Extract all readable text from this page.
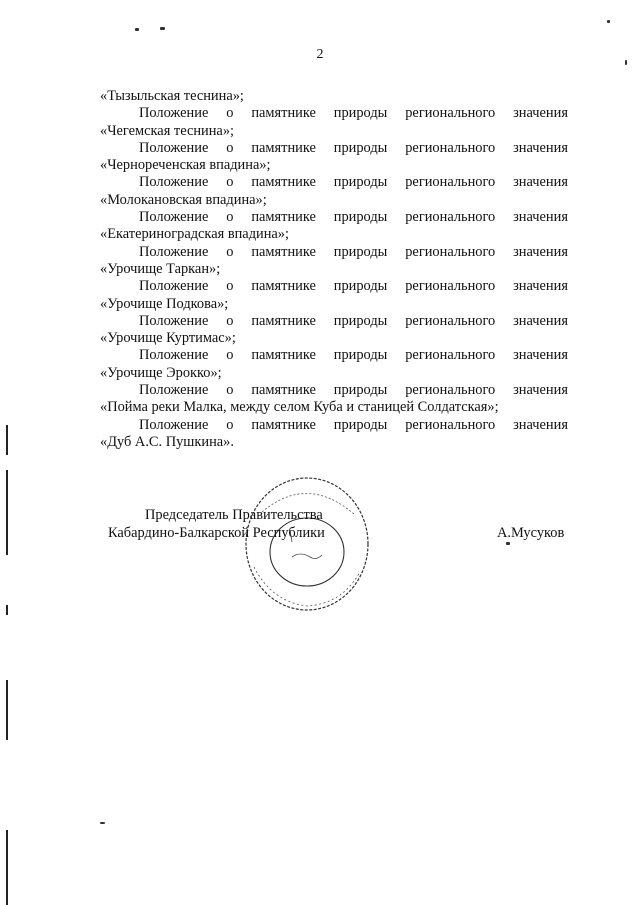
2
«Тызыльская теснина»;
Положение о памятнике природы регионального значения
«Чегемская теснина»;
Положение о памятнике природы регионального значения
«Чернореченская впадина»;
Положение о памятнике природы регионального значения
«Молокановская впадина»;
Положение о памятнике природы регионального значения
«Екатериноградская впадина»;
Положение о памятнике природы регионального значения
«Урочище Таркан»;
Положение о памятнике природы регионального значения
«Урочище Подкова»;
Положение о памятнике природы регионального значения
«Урочище Куртимас»;
Положение о памятнике природы регионального значения
«Урочище Эрокко»;
Положение о памятнике природы регионального значения
«Пойма реки Малка, между селом Куба и станицей Солдатская»;
Положение о памятнике природы регионального значения
«Дуб А.С. Пушкина».
Председатель Правительства
Кабардино-Балкарской Республики	А.Мусуков
